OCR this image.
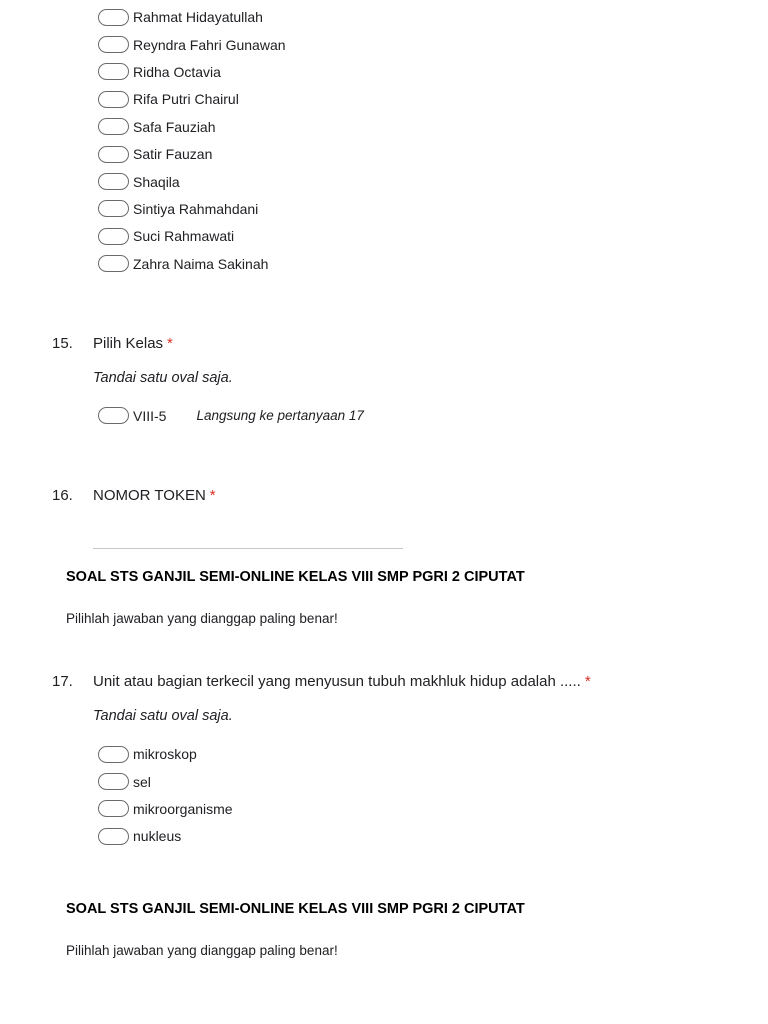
Rahmat Hidayatullah
Reyndra Fahri Gunawan
Ridha Octavia
Rifa Putri Chairul
Safa Fauziah
Satir Fauzan
Shaqila
Sintiya Rahmahdani
Suci Rahmawati
Zahra Naima Sakinah
15.	Pilih Kelas *
Tandai satu oval saja.
VIII-5 Langsung ke pertanyaan 17
16.	NOMOR TOKEN *
SOAL STS GANJIL SEMI-ONLINE KELAS VIII SMP PGRI 2 CIPUTAT
Pilihlah jawaban yang dianggap paling benar!
17.	Unit atau bagian terkecil yang menyusun tubuh makhluk hidup adalah ..... *
Tandai satu oval saja.
mikroskop
sel
mikroorganisme
nukleus
SOAL STS GANJIL SEMI-ONLINE KELAS VIII SMP PGRI 2 CIPUTAT
Pilihlah jawaban yang dianggap paling benar!
